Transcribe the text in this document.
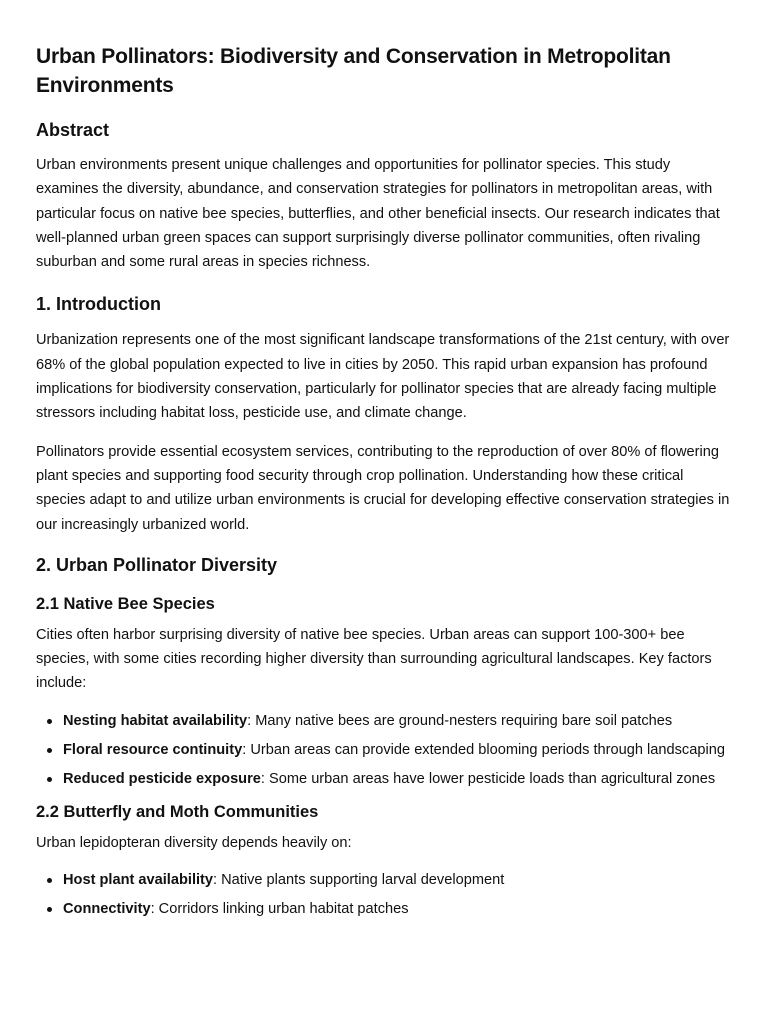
Urban Pollinators: Biodiversity and Conservation in Metropolitan Environments
Abstract

Urban environments present unique challenges and opportunities for pollinator species. This study examines the diversity, abundance, and conservation strategies for pollinators in metropolitan areas, with particular focus on native bee species, butterflies, and other beneficial insects. Our research indicates that well-planned urban green spaces can support surprisingly diverse pollinator communities, often rivaling suburban and some rural areas in species richness.

1. Introduction

Urbanization represents one of the most significant landscape transformations of the 21st century, with over 68% of the global population expected to live in cities by 2050. This rapid urban expansion has profound implications for biodiversity conservation, particularly for pollinator species that are already facing multiple stressors including habitat loss, pesticide use, and climate change.

Pollinators provide essential ecosystem services, contributing to the reproduction of over 80% of flowering plant species and supporting food security through crop pollination. Understanding how these critical species adapt to and utilize urban environments is crucial for developing effective conservation strategies in our increasingly urbanized world.

2. Urban Pollinator Diversity
2.1 Native Bee Species

Cities often harbor surprising diversity of native bee species. Urban areas can support 100-300+ bee species, with some cities recording higher diversity than surrounding agricultural landscapes. Key factors include:

Nesting habitat availability: Many native bees are ground-nesters requiring bare soil patches
Floral resource continuity: Urban areas can provide extended blooming periods through landscaping
Reduced pesticide exposure: Some urban areas have lower pesticide loads than agricultural zones
2.2 Butterfly and Moth Communities

Urban lepidopteran diversity depends heavily on:

Host plant availability: Native plants supporting larval development
Connectivity: Corridors linking urban habitat patches
